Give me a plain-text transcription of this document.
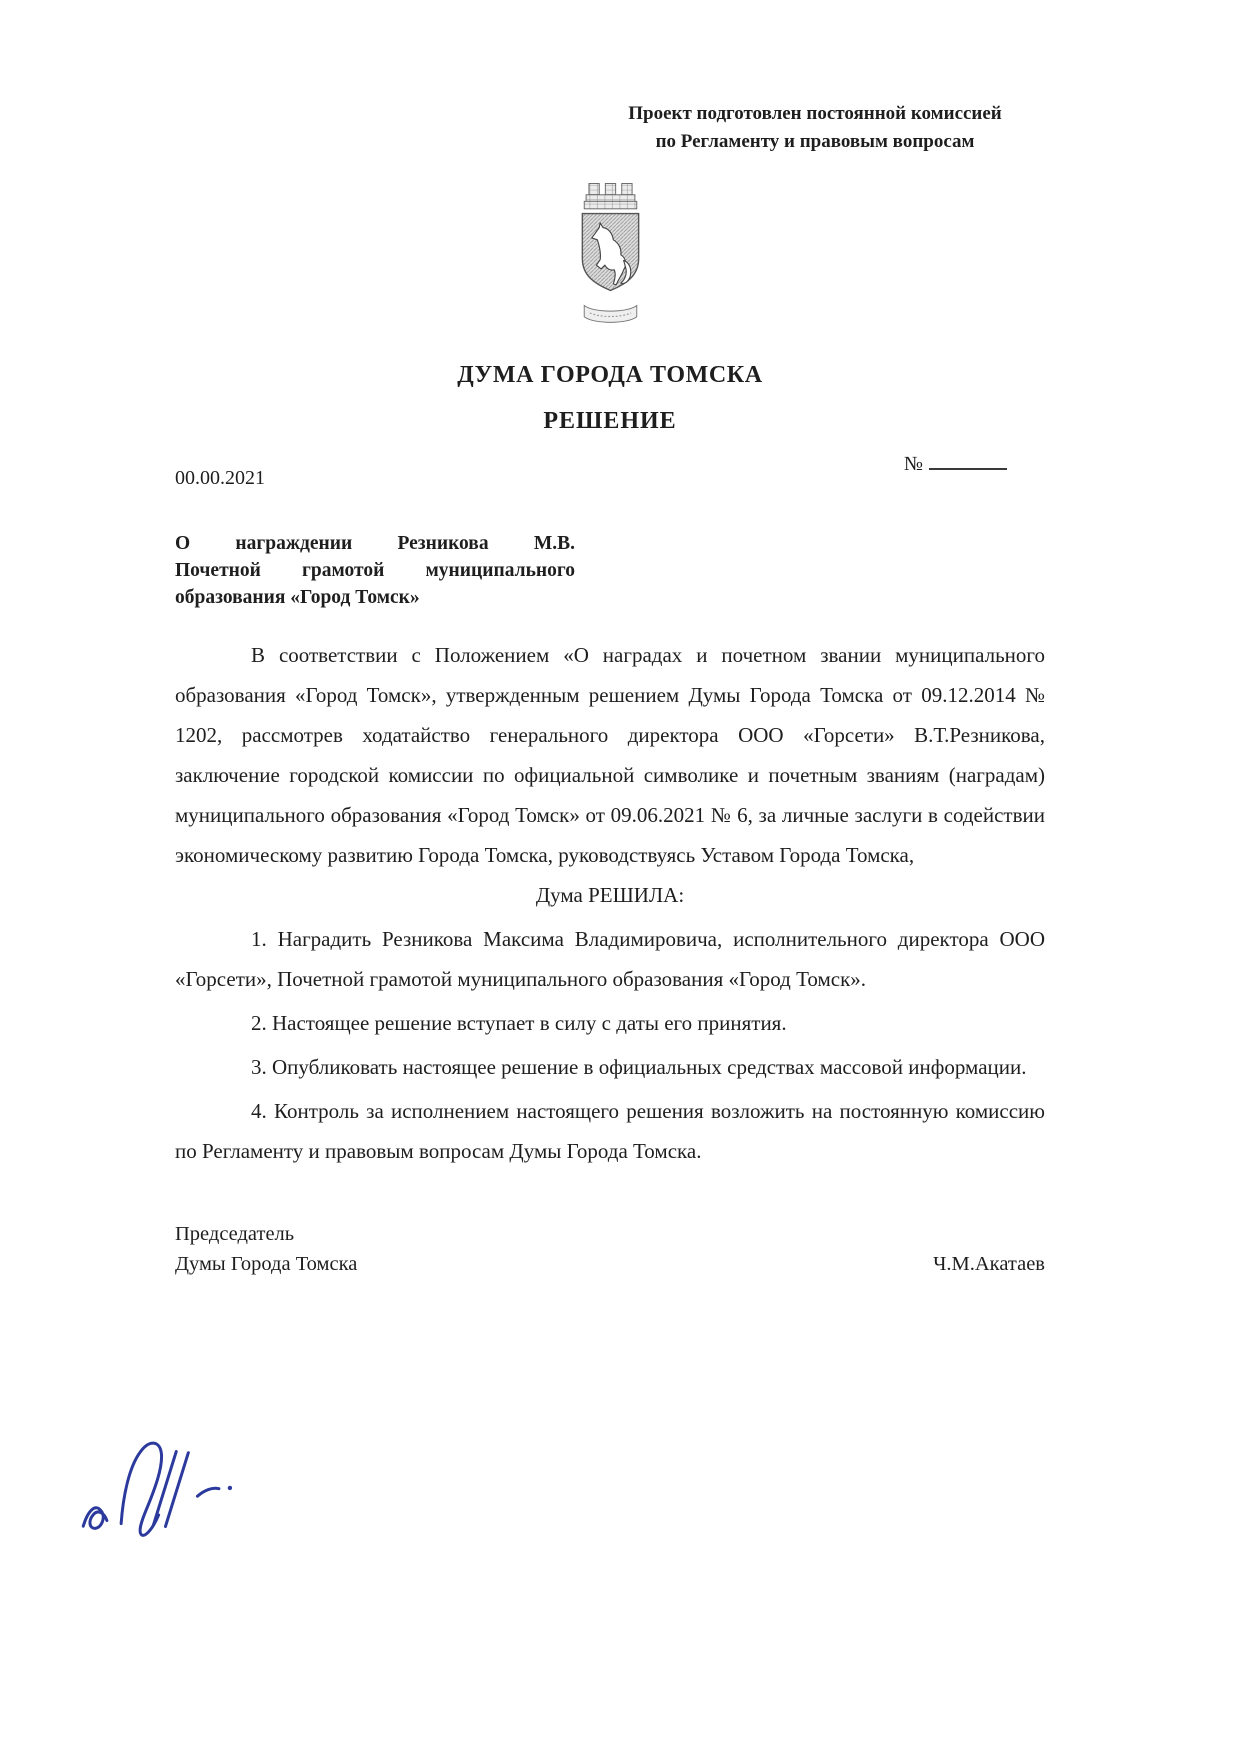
Проект подготовлен постоянной комиссией
по Регламенту и правовым вопросам
ДУМА ГОРОДА ТОМСКА
РЕШЕНИЕ
00.00.2021
№
О награждении Резникова М.В.
Почетной грамотой муниципального
образования «Город Томск»

В соответствии с Положением «О наградах и почетном звании муниципального образования «Город Томск», утвержденным решением Думы Города Томска от 09.12.2014 № 1202, рассмотрев ходатайство генерального директора ООО «Горсети» В.Т.Резникова, заключение городской комиссии по официальной символике и почетным званиям (наградам) муниципального образования «Город Томск» от 09.06.2021 № 6, за личные заслуги в содействии экономическому развитию Города Томска, руководствуясь Уставом Города Томска,

Дума РЕШИЛА:

1. Наградить Резникова Максима Владимировича, исполнительного директора ООО «Горсети», Почетной грамотой муниципального образования «Город Томск».

2. Настоящее решение вступает в силу с даты его принятия.

3. Опубликовать настоящее решение в официальных средствах массовой информации.

4. Контроль за исполнением настоящего решения возложить на постоянную комиссию по Регламенту и правовым вопросам Думы Города Томска.

Председатель
Думы Города Томска	Ч.М.Акатаев
